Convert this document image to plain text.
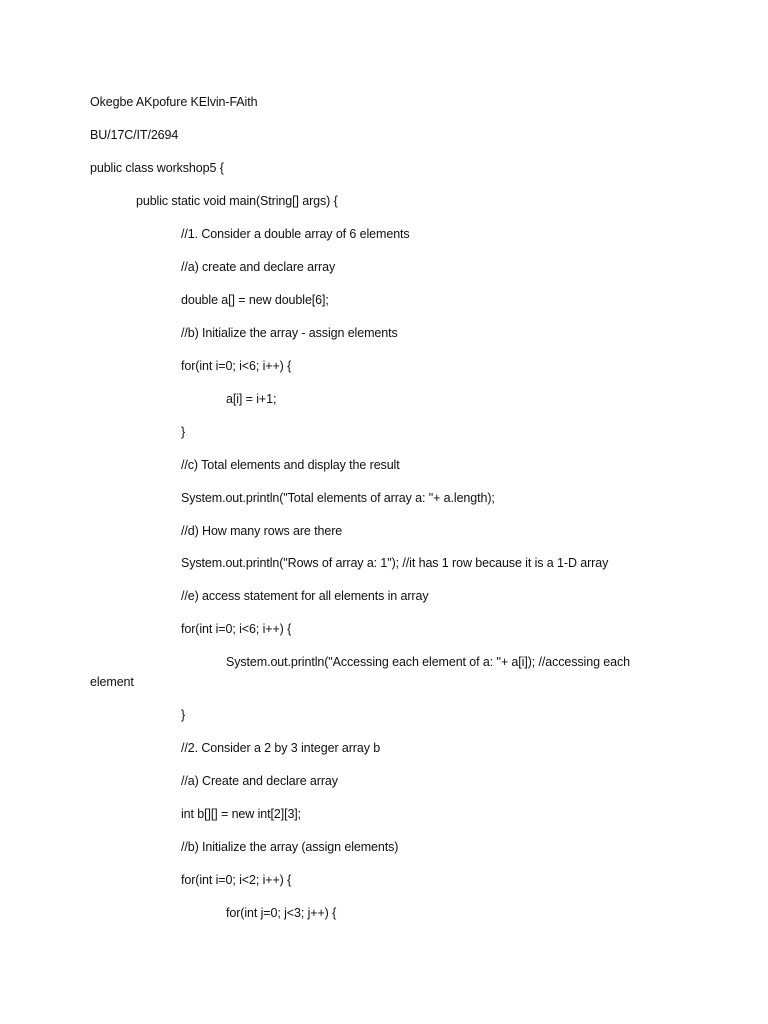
Okegbe AKpofure KElvin-FAith

BU/17C/IT/2694

public class workshop5 {

public static void main(String[] args) {

//1. Consider a double array of 6 elements

//a) create and declare array

double a[] = new double[6];

//b) Initialize the array - assign elements

for(int i=0; i<6; i++) {

a[i] = i+1;

}

//c) Total elements and display the result

System.out.println("Total elements of array a: "+ a.length);

//d) How many rows are there

System.out.println("Rows of array a: 1"); //it has 1 row because it is a 1-D array

//e) access statement for all elements in array

for(int i=0; i<6; i++) {

System.out.println("Accessing each element of a: "+ a[i]); //accessing each

element

}

//2. Consider a 2 by 3 integer array b

//a) Create and declare array

int b[][] = new int[2][3];

//b) Initialize the array (assign elements)

for(int i=0; i<2; i++) {

for(int j=0; j<3; j++) {
